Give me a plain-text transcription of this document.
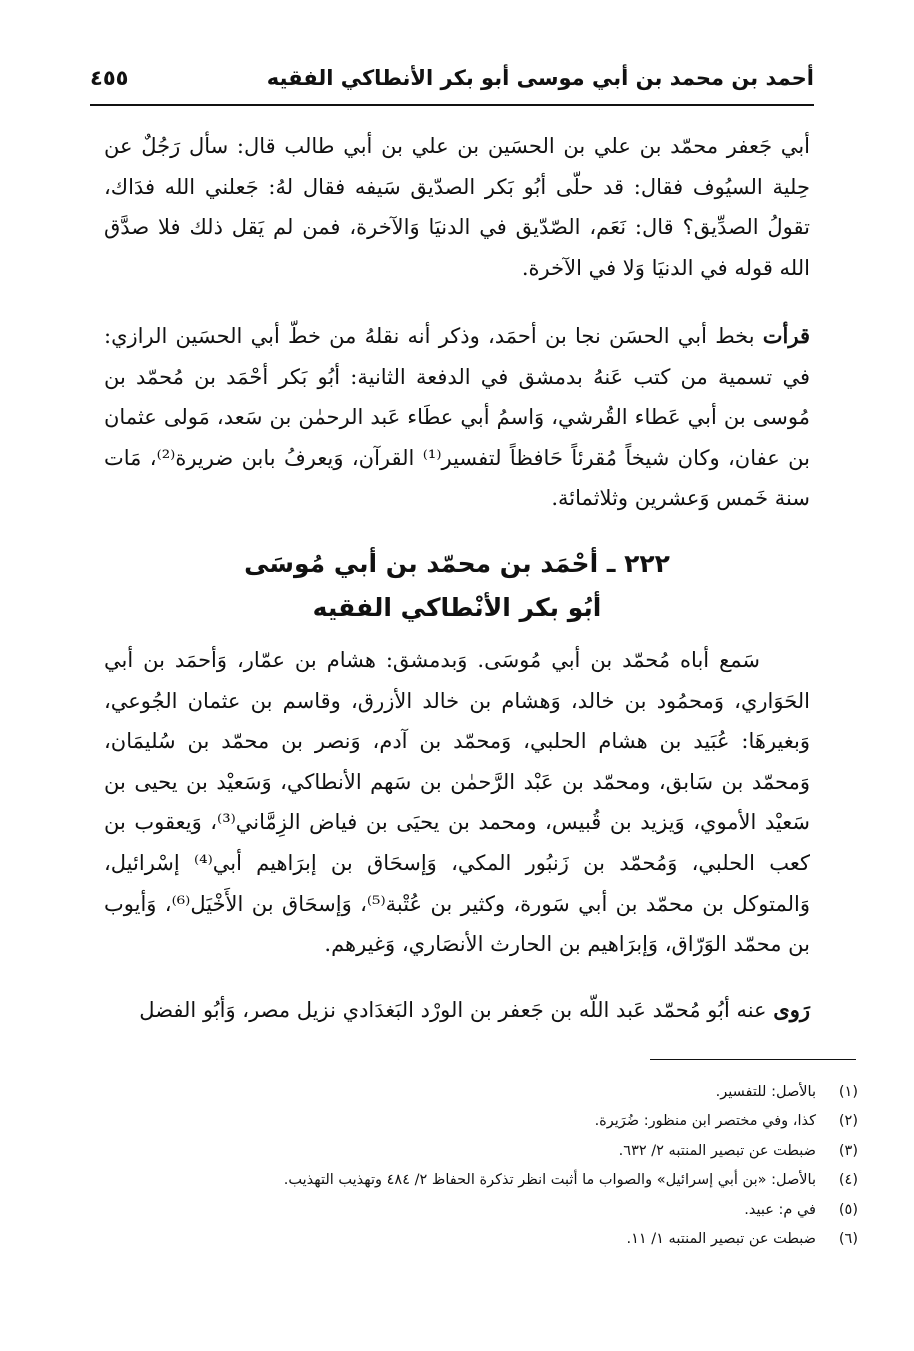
أحمد بن محمد بن أبي موسى أبو بكر الأنطاكي الفقيه
٤٥٥

أبي جَعفر محمّد بن علي بن الحسَين بن علي بن أبي طالب قال: سأل رَجُلٌ عن حِلية السيُوف فقال: قد حلّى أبُو بَكر الصدّيق سَيفه فقال لهُ: جَعلني الله فدَاك، تقولُ الصدِّيق؟ قال: نَعَم، الصّدّيق في الدنيَا وَالآخرة، فمن لم يَقل ذلك فلا صدَّق الله قوله في الدنيَا وَلا في الآخرة.

قرأت بخط أبي الحسَن نجا بن أحمَد، وذكر أنه نقلهُ من خطّ أبي الحسَين الرازي: في تسمية من كتب عَنهُ بدمشق في الدفعة الثانية: أبُو بَكر أحْمَد بن مُحمّد بن مُوسى بن أبي عَطاء القُرشي، وَاسمُ أبي عطَاء عَبد الرحمٰن بن سَعد، مَولى عثمان بن عفان، وكان شيخاً مُقرئاً حَافظاً لتفسير⁽¹⁾ القرآن، وَيعرفُ بابن ضريرة⁽²⁾، مَات سنة خَمس وَعشرين وثلاثمائة.

٢٢٢ ـ أحْمَد بن محمّد بن أبي مُوسَى
أبُو بكر الأنْطاكي الفقيه

سَمع أباه مُحمّد بن أبي مُوسَى. وَبدمشق: هشام بن عمّار، وَأحمَد بن أبي الحَوَاري، وَمحمُود بن خالد، وَهشام بن خالد الأزرق، وقاسم بن عثمان الجُوعي، وَبغيرهَا: عُبَيد بن هشام الحلبي، وَمحمّد بن آدم، وَنصر بن محمّد بن سُليمَان، وَمحمّد بن سَابق، ومحمّد بن عَبْد الرَّحمٰن بن سَهم الأنطاكي، وَسَعيْد بن يحيى بن سَعيْد الأموي، وَيزيد بن قُبيس، ومحمد بن يحيَى بن فياض الزِمَّاني⁽³⁾، وَيعقوب بن كعب الحلبي، وَمُحمّد بن زَنبُور المكي، وَإسحَاق بن إبرَاهيم أبي⁽⁴⁾ إسْرائيل، وَالمتوكل بن محمّد بن أبي سَورة، وكثير بن عُتْبة⁽⁵⁾، وَإسحَاق بن الأَخْيَل⁽⁶⁾، وَأيوب بن محمّد الوَرّاق، وَإبرَاهيم بن الحارث الأنصَاري، وَغيرهم.

رَوى عنه أبُو مُحمّد عَبد اللّه بن جَعفر بن الورْد البَغدَادي نزيل مصر، وَأبُو الفضل

(١)بالأصل: للتفسير.
(٢)كذا، وفي مختصر ابن منظور: ضُرَيرة.
(٣)ضبطت عن تبصير المنتبه ٢/ ٦٣٢.
(٤)بالأصل: «بن أبي إسرائيل» والصواب ما أثبت انظر تذكرة الحفاظ ٢/ ٤٨٤ وتهذيب التهذيب.
(٥)في م: عبيد.
(٦)ضبطت عن تبصير المنتبه ١/ ١١.
